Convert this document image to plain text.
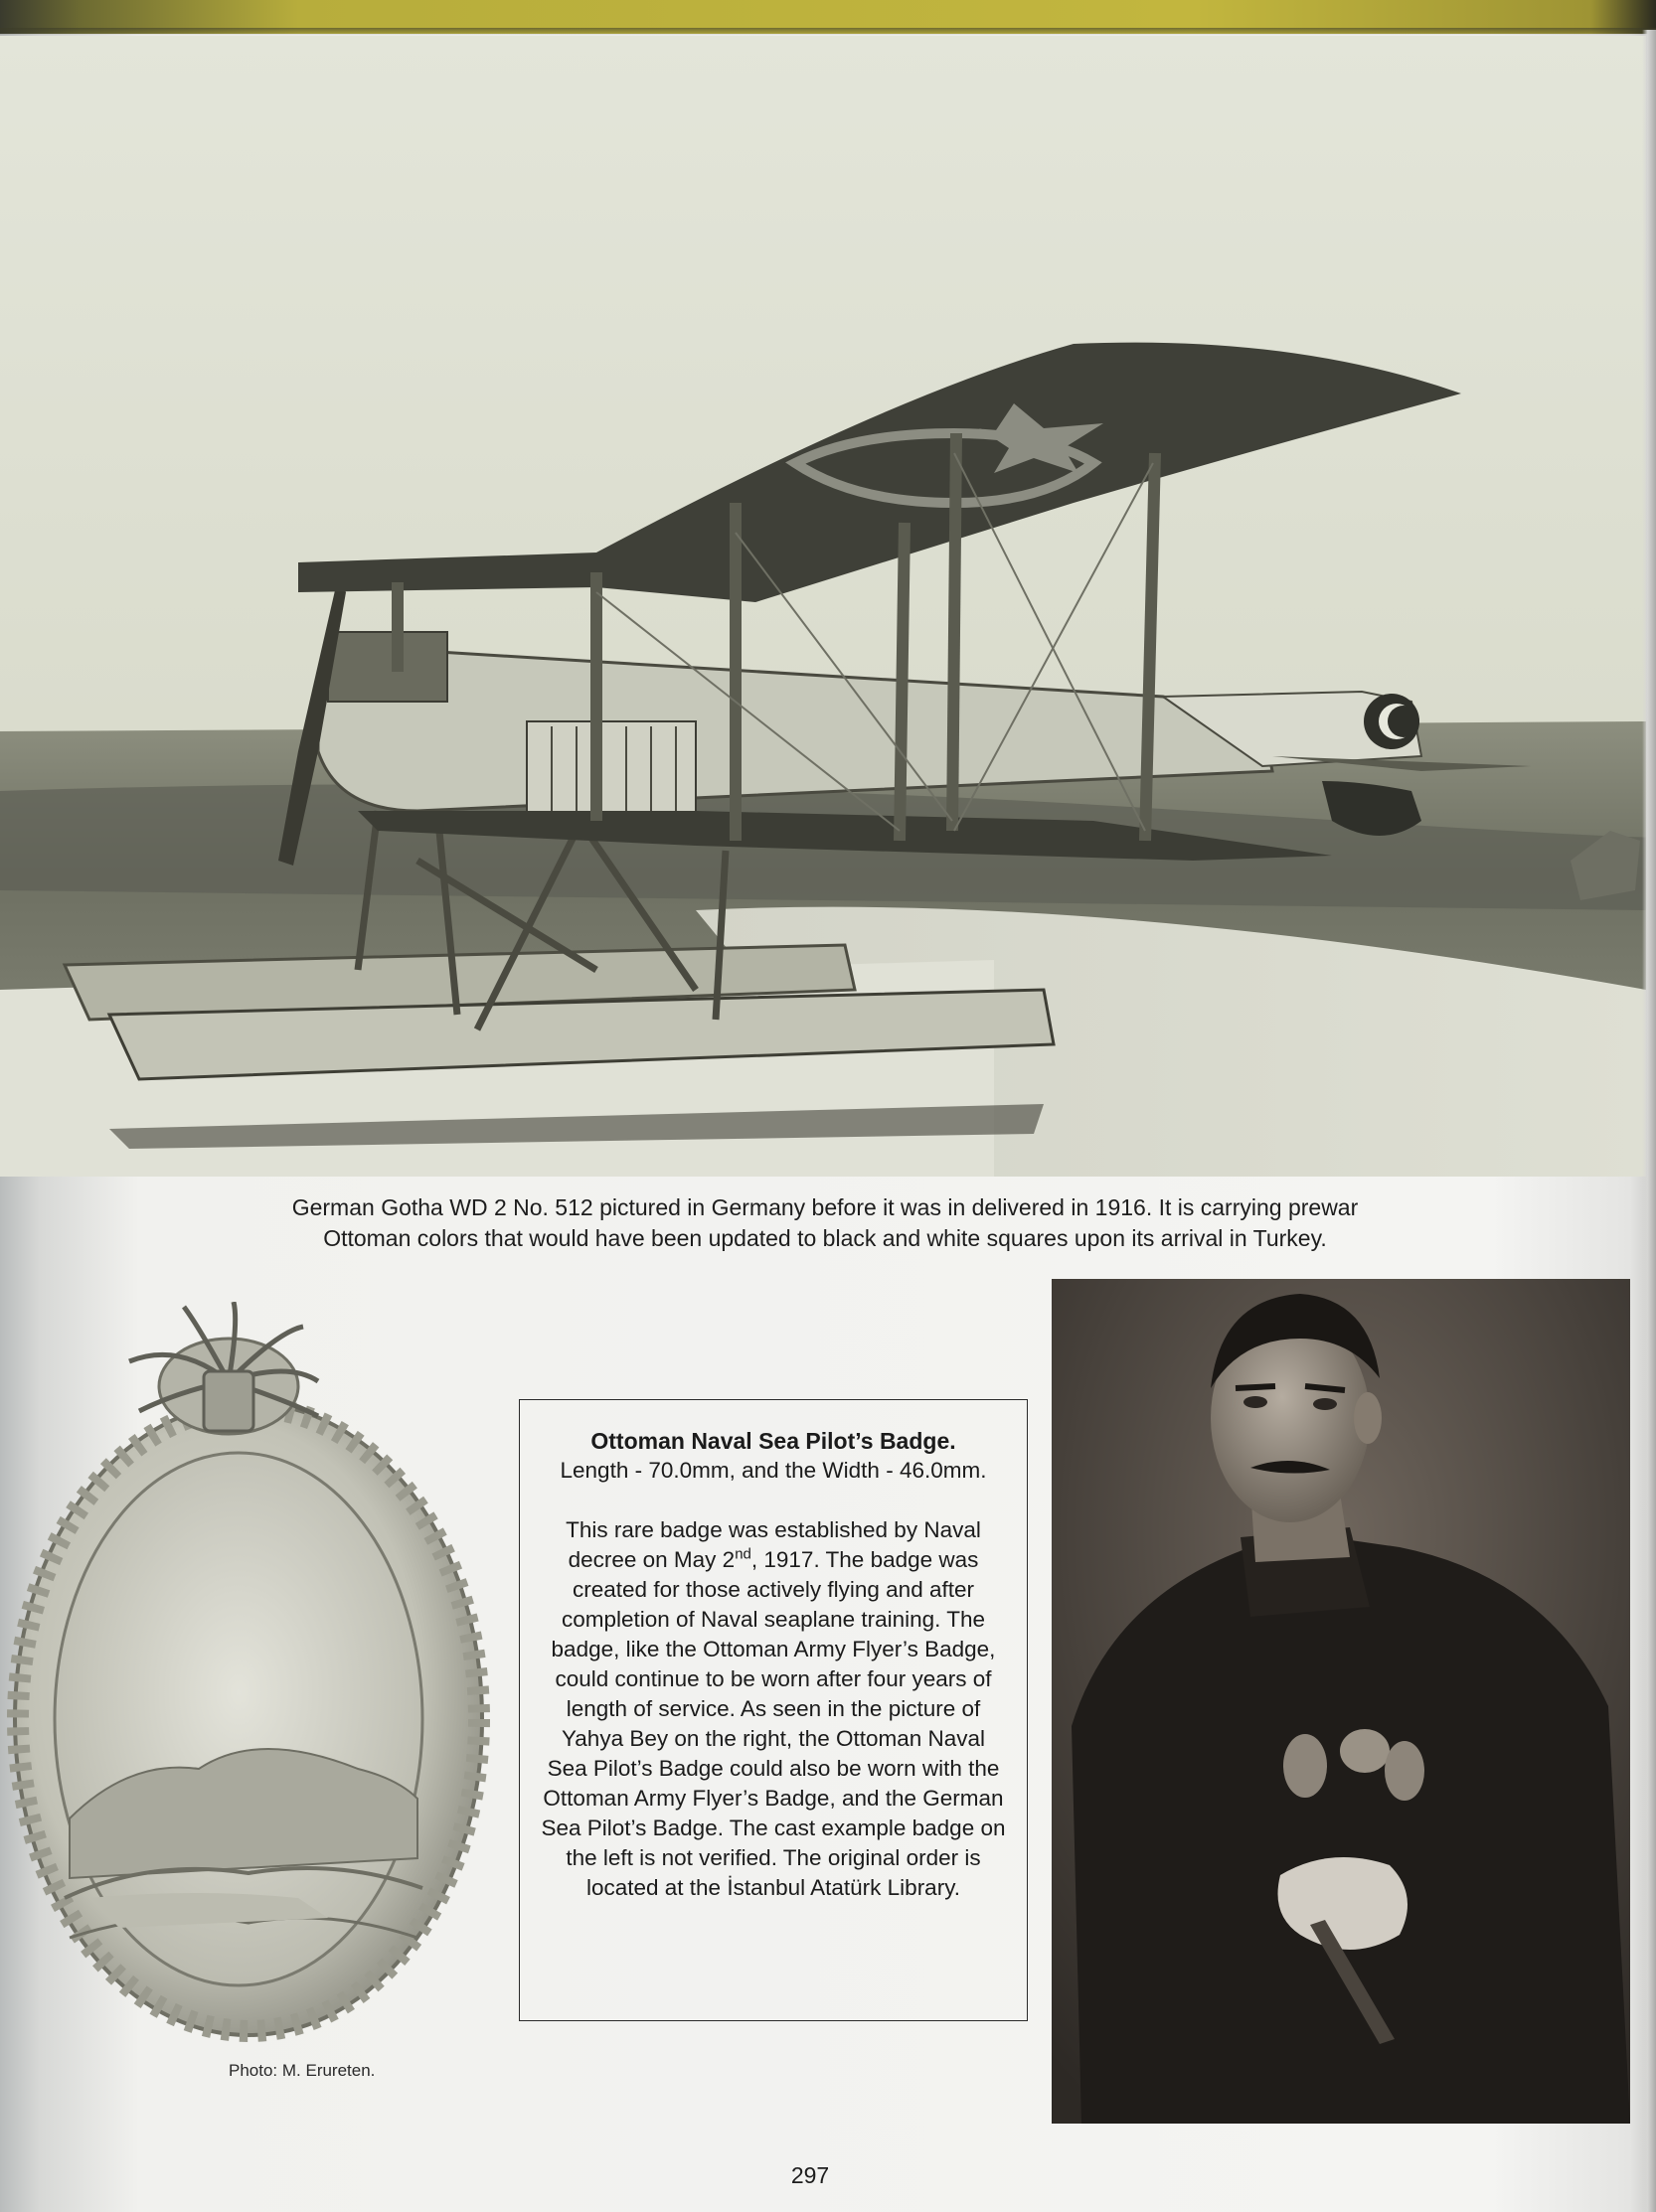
German Gotha WD 2 No. 512 pictured in Germany before it was in delivered in 1916. It is carrying prewar
Ottoman colors that would have been updated to black and white squares upon its arrival in Turkey.
Photo: M. Erureten.
Ottoman Naval Sea Pilot’s Badge.
Length - 70.0mm, and the Width - 46.0mm.
This rare badge was established by Naval decree on May 2nd, 1917. The badge was created for those actively flying and after completion of Naval seaplane training. The badge, like the Ottoman Army Flyer’s Badge, could continue to be worn after four years of length of service. As seen in the picture of Yahya Bey on the right, the Ottoman Naval Sea Pilot’s Badge could also be worn with the Ottoman Army Flyer’s Badge, and the German Sea Pilot’s Badge. The cast example badge on the left is not verified. The original order is located at the İstanbul Atatürk Library.
297
